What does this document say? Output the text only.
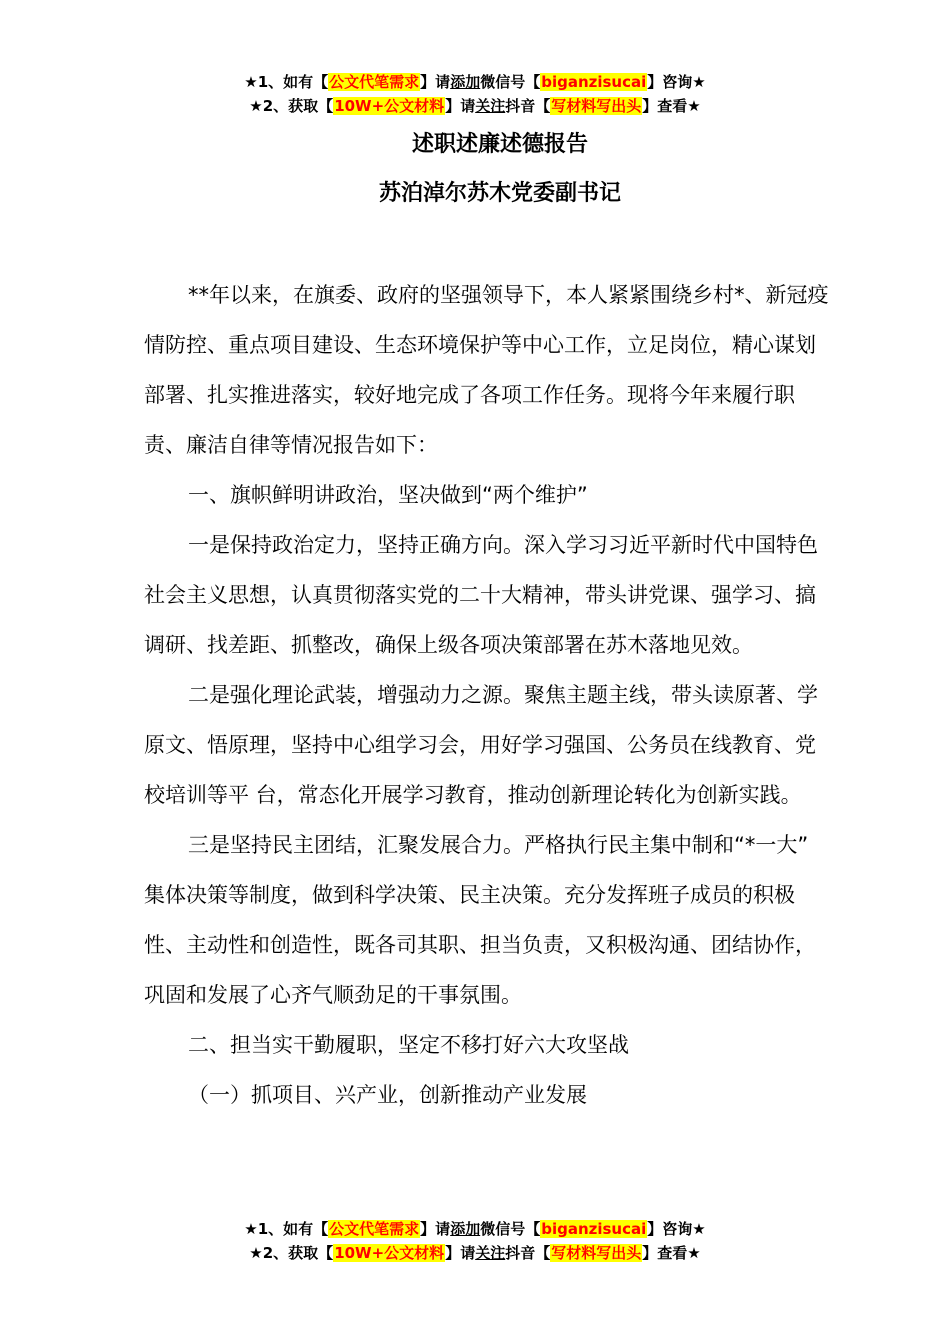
★1、如有【公文代笔需求】请添加微信号【biganzisucai】咨询★
★2、获取【10W+公文材料】请关注抖音【写材料写出头】查看★
述职述廉述德报告
苏泊淖尔苏木党委副书记

**年以来，在旗委、政府的坚强领导下，本人紧紧围绕乡村*、新冠疫情防控、重点项目建设、生态环境保护等中心工作，立足岗位，精心谋划部署、扎实推进落实，较好地完成了各项工作任务。现将今年来履行职责、廉洁自律等情况报告如下：

一、旗帜鲜明讲政治，坚决做到“两个维护”

一是保持政治定力，坚持正确方向。深入学习习近平新时代中国特色社会主义思想，认真贯彻落实党的二十大精神，带头讲党课、强学习、搞调研、找差距、抓整改，确保上级各项决策部署在苏木落地见效。

二是强化理论武装，增强动力之源。聚焦主题主线，带头读原著、学原文、悟原理，坚持中心组学习会，用好学习强国、公务员在线教育、党校培训等平 台，常态化开展学习教育，推动创新理论转化为创新实践。

三是坚持民主团结，汇聚发展合力。严格执行民主集中制和“*一大” 集体决策等制度，做到科学决策、民主决策。充分发挥班子成员的积极性、主动性和创造性，既各司其职、担当负责，又积极沟通、团结协作，巩固和发展了心齐气顺劲足的干事氛围。

二、担当实干勤履职，坚定不移打好六大攻坚战

（一）抓项目、兴产业，创新推动产业发展

★1、如有【公文代笔需求】请添加微信号【biganzisucai】咨询★
★2、获取【10W+公文材料】请关注抖音【写材料写出头】查看★
